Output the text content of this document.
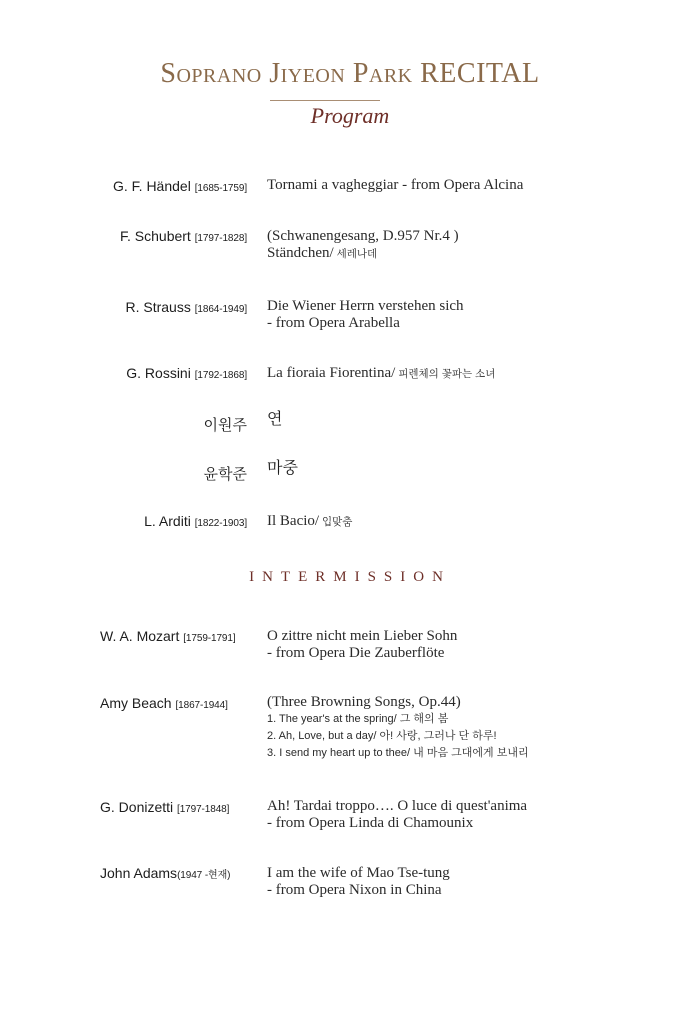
Soprano Jiyeon Park RECITAL
Program
G. F. Händel [1685-1759] Tornami a vagheggiar - from Opera Alcina
F. Schubert [1797-1828] (Schwanengesang, D.957 Nr.4 )
Ständchen/ 세레나데
R. Strauss [1864-1949] Die Wiener Herrn verstehen sich
- from Opera Arabella
G. Rossini [1792-1868] La fioraia Fiorentina/ 피렌체의 꽃파는 소녀
이원주 연
윤학준 마중
L. Arditi [1822-1903] Il Bacio/ 입맞춤
INTERMISSION
W. A. Mozart [1759-1791] O zittre nicht mein Lieber Sohn
- from Opera Die Zauberflöte
Amy Beach [1867-1944]	(Three Browning Songs, Op.44)
1. The year's at the spring/ 그 해의 봄
2. Ah, Love, but a day/ 아! 사랑, 그러나 단 하루!
3. I send my heart up to thee/ 내 마음 그대에게 보내리
G. Donizetti [1797-1848]	Ah! Tardai troppo…. O luce di quest'anima
- from Opera Linda di Chamounix
John Adams(1947 -현재) I am the wife of Mao Tse-tung
- from Opera Nixon in China
